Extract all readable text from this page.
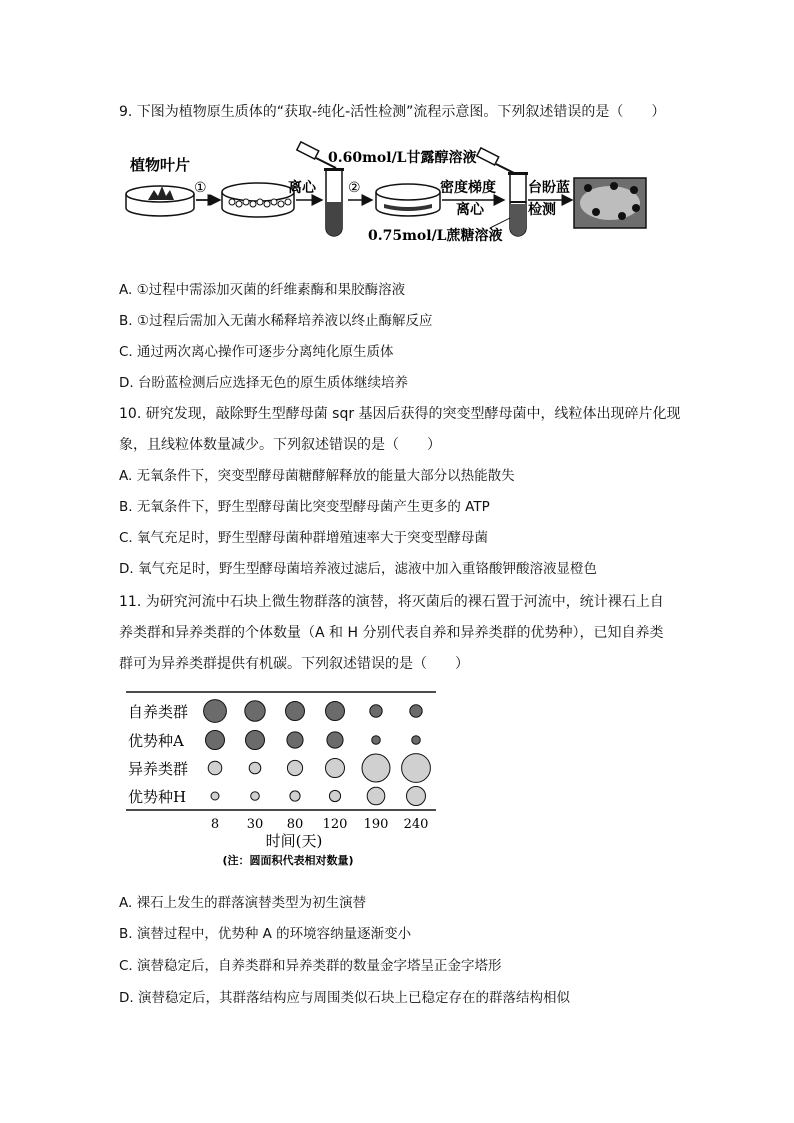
9. 下图为植物原生质体的“获取-纯化-活性检测”流程示意图。下列叙述错误的是（　　）
植物叶片
①	离心 ②
0.60mol/L甘露醇溶液
密度梯度
离心
0.75mol/L蔗糖溶液
台盼蓝
检测
A. ①过程中需添加灭菌的纤维素酶和果胶酶溶液
B. ①过程后需加入无菌水稀释培养液以终止酶解反应
C. 通过两次离心操作可逐步分离纯化原生质体
D. 台盼蓝检测后应选择无色的原生质体继续培养
10. 研究发现，敲除野生型酵母菌 sqr 基因后获得的突变型酵母菌中，线粒体出现碎片化现
象，且线粒体数量减少。下列叙述错误的是（　　）
A. 无氧条件下，突变型酵母菌糖酵解释放的能量大部分以热能散失
B. 无氧条件下，野生型酵母菌比突变型酵母菌产生更多的 ATP
C. 氧气充足时，野生型酵母菌种群增殖速率大于突变型酵母菌
D. 氧气充足时，野生型酵母菌培养液过滤后，滤液中加入重铬酸钾酸溶液显橙色
11. 为研究河流中石块上微生物群落的演替，将灭菌后的裸石置于河流中，统计裸石上自
养类群和异养类群的个体数量（A 和 H 分别代表自养和异养类群的优势种），已知自养类
群可为异养类群提供有机碳。下列叙述错误的是（　　）
自养类群
优势种A
异养类群
优势种H
8 30 80 120 190 240
时间(天)
(注：圆面积代表相对数量)
A. 裸石上发生的群落演替类型为初生演替
B. 演替过程中，优势种 A 的环境容纳量逐渐变小
C. 演替稳定后，自养类群和异养类群的数量金字塔呈正金字塔形
D. 演替稳定后，其群落结构应与周围类似石块上已稳定存在的群落结构相似
